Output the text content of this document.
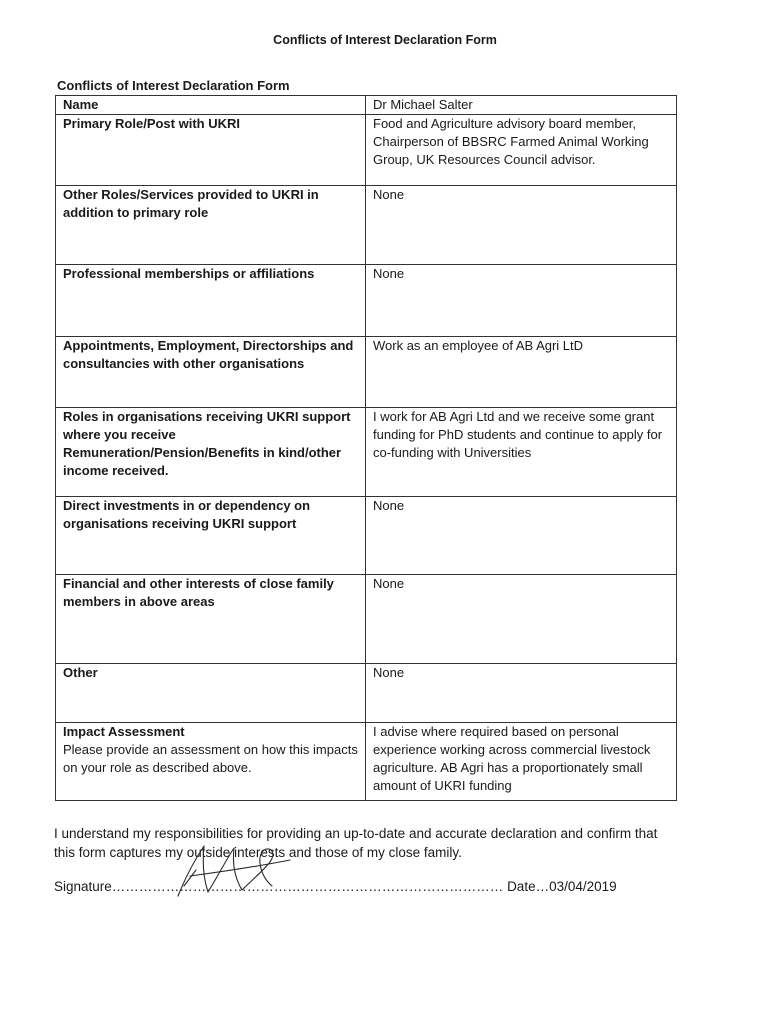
Conflicts of Interest Declaration Form
Conflicts of Interest Declaration Form
Name	Dr Michael Salter
Primary Role/Post with UKRI	Food and Agriculture advisory board member, Chairperson of BBSRC Farmed Animal Working Group, UK Resources Council advisor.
Other Roles/Services provided to UKRI in addition to primary role	None
Professional memberships or affiliations	None
Appointments, Employment, Directorships and consultancies with other organisations	Work as an employee of AB Agri LtD
Roles in organisations receiving UKRI support where you receive Remuneration/Pension/Benefits in kind/other income received.	I work for AB Agri Ltd and we receive some grant funding for PhD students and continue to apply for co-funding with Universities
Direct investments in or dependency on organisations receiving UKRI support	None
Financial and other interests of close family members in above areas	None
Other	None

Impact Assessment
Please provide an assessment on how this impacts on your role as described above.	I advise where required based on personal experience working across commercial livestock agriculture. AB Agri has a proportionately small amount of UKRI funding
I understand my responsibilities for providing an up-to-date and accurate declaration and confirm that this form captures my outside interests and those of my close family.
Signature…………………………………………………………………………… Date…03/04/2019
